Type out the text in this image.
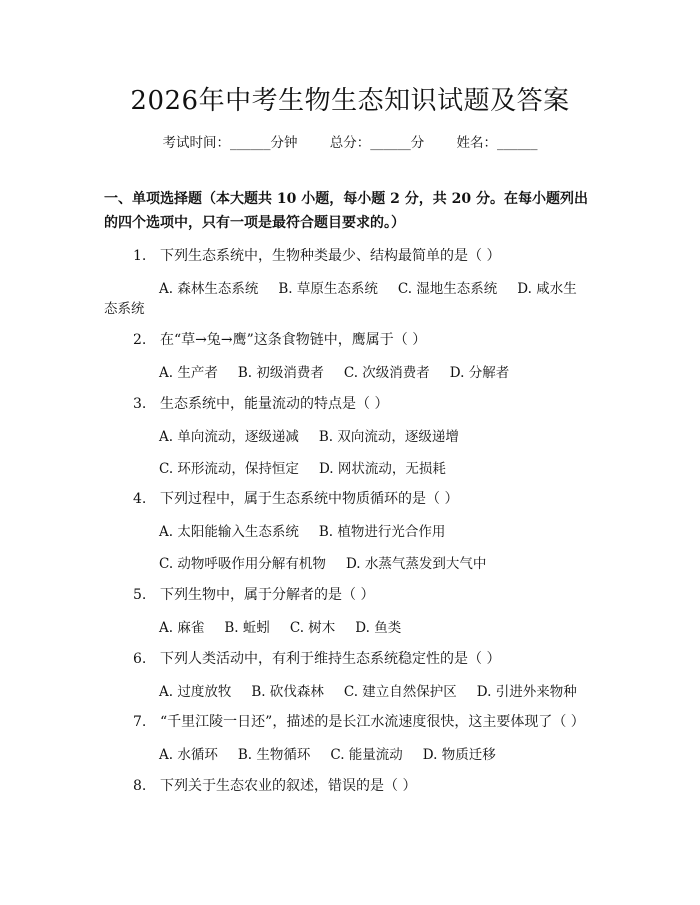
2026年中考生物生态知识试题及答案
考试时间：______分钟 总分：______分 姓名：______
一、单项选择题（本大题共 10 小题，每小题 2 分，共 20 分。在每小题列出的四个选项中，只有一项是最符合题目要求的。）
1. 下列生态系统中，生物种类最少、结构最简单的是（ ）
A. 森林生态系统 B. 草原生态系统 C. 湿地生态系统 D. 咸水生
态系统
2. 在“草→兔→鹰”这条食物链中，鹰属于（ ）
A. 生产者 B. 初级消费者 C. 次级消费者 D. 分解者
3. 生态系统中，能量流动的特点是（ ）
A. 单向流动，逐级递减 B. 双向流动，逐级递增
C. 环形流动，保持恒定 D. 网状流动，无损耗
4. 下列过程中，属于生态系统中物质循环的是（ ）
A. 太阳能输入生态系统 B. 植物进行光合作用
C. 动物呼吸作用分解有机物 D. 水蒸气蒸发到大气中
5. 下列生物中，属于分解者的是（ ）
A. 麻雀 B. 蚯蚓 C. 树木 D. 鱼类
6. 下列人类活动中，有利于维持生态系统稳定性的是（ ）
A. 过度放牧 B. 砍伐森林 C. 建立自然保护区 D. 引进外来物种
7. “千里江陵一日还”，描述的是长江水流速度很快，这主要体现了（ ）
A. 水循环 B. 生物循环 C. 能量流动 D. 物质迁移
8. 下列关于生态农业的叙述，错误的是（ ）
